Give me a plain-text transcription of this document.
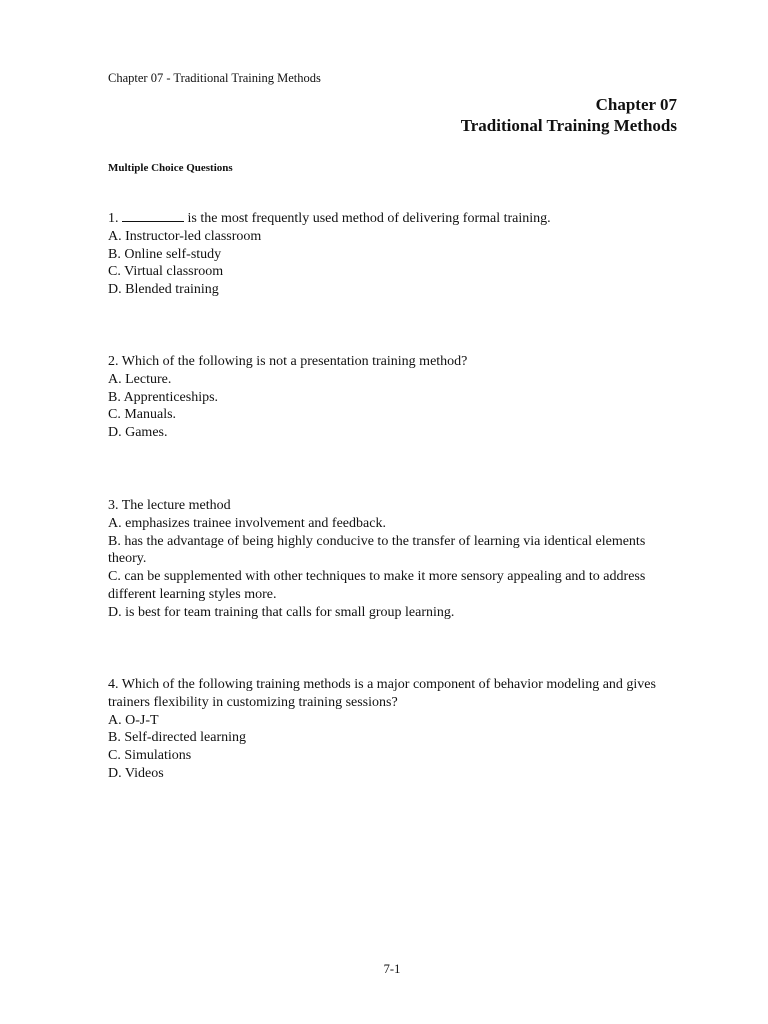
Chapter 07 - Traditional Training Methods
Chapter 07
Traditional Training Methods
Multiple Choice Questions
1.	is the most frequently used method of delivering formal training.
A. Instructor-led classroom
B. Online self-study
C. Virtual classroom
D. Blended training
2. Which of the following is not a presentation training method?
A. Lecture.
B. Apprenticeships.
C. Manuals.
D. Games.
3. The lecture method
A. emphasizes trainee involvement and feedback.
B. has the advantage of being highly conducive to the transfer of learning via identical elements theory.
C. can be supplemented with other techniques to make it more sensory appealing and to address different learning styles more.
D. is best for team training that calls for small group learning.
4. Which of the following training methods is a major component of behavior modeling and gives trainers flexibility in customizing training sessions?
A. O-J-T
B. Self-directed learning
C. Simulations
D. Videos
7-1
